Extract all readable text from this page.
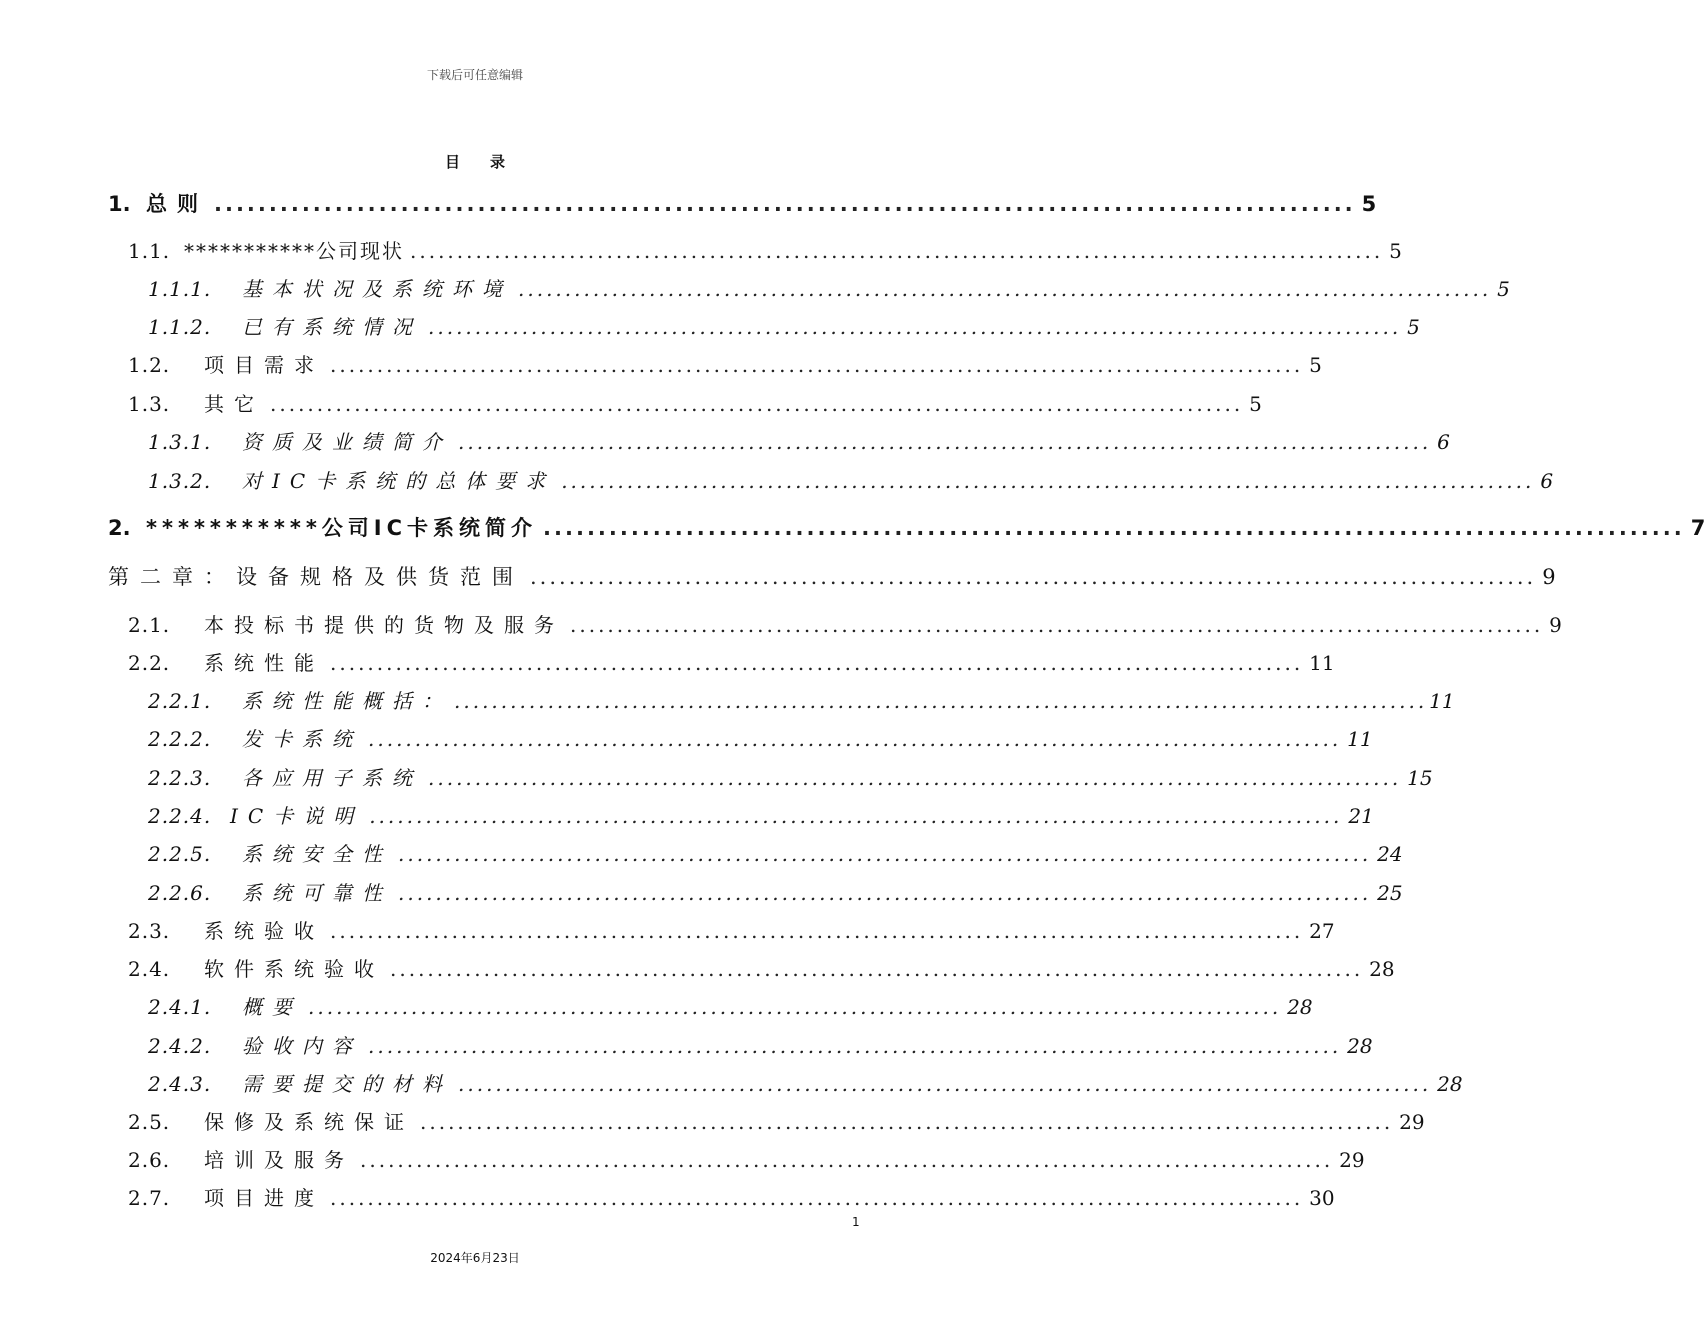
下载后可任意编辑
目录
1. 总则 ........................................................................................................ 5
1.1. ***********公司现状 ........................................................................................................ 5
1.1.1.	基本状况及系统环境 ........................................................................................................ 5
1.1.2.	已有系统情况 ........................................................................................................ 5
1.2.	项目需求 ........................................................................................................ 5
1.3.	其它 ........................................................................................................ 5
1.3.1.	资质及业绩简介 ........................................................................................................ 6
1.3.2.	对IC卡系统的总体要求 ........................................................................................................ 6
2. ***********公司IC卡系统简介 ........................................................................................................ 7
第二章：设备规格及供货范围 ........................................................................................................ 9
2.1.	本投标书提供的货物及服务 ........................................................................................................ 9
2.2.	系统性能 ........................................................................................................ 11
2.2.1.	系统性能概括： ........................................................................................................ 11
2.2.2.	发卡系统 ........................................................................................................ 11
2.2.3.	各应用子系统 ........................................................................................................ 15
2.2.4. IC卡说明 ........................................................................................................ 21
2.2.5.	系统安全性 ........................................................................................................ 24
2.2.6.	系统可靠性 ........................................................................................................ 25
2.3.	系统验收 ........................................................................................................ 27
2.4.	软件系统验收 ........................................................................................................ 28
2.4.1.	概要 ........................................................................................................ 28
2.4.2.	验收内容 ........................................................................................................ 28
2.4.3.	需要提交的材料 ........................................................................................................ 28
2.5.	保修及系统保证 ........................................................................................................ 29
2.6.	培训及服务 ........................................................................................................ 29
2.7.	项目进度 ........................................................................................................ 30
1
2024年6月23日
